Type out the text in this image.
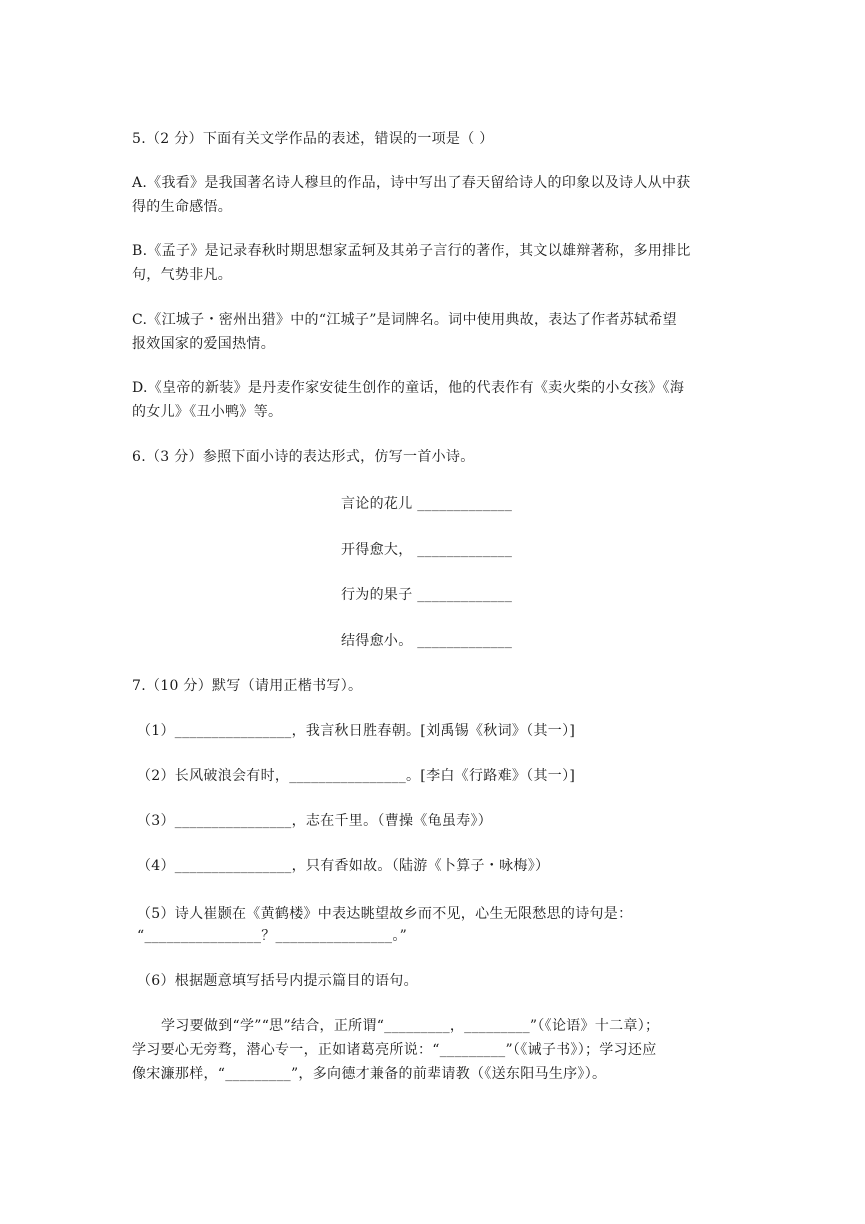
5.（2 分）下面有关文学作品的表述，错误的一项是（ ）
A.《我看》是我国著名诗人穆旦的作品，诗中写出了春天留给诗人的印象以及诗人从中获
得的生命感悟。
B.《孟子》是记录春秋时期思想家孟轲及其弟子言行的著作，其文以雄辩著称，多用排比
句，气势非凡。
C.《江城子・密州出猎》中的“江城子”是词牌名。词中使用典故，表达了作者苏轼希望
报效国家的爱国热情。
D.《皇帝的新装》是丹麦作家安徒生创作的童话，他的代表作有《卖火柴的小女孩》《海
的女儿》《丑小鸭》等。
6.（3 分）参照下面小诗的表达形式，仿写一首小诗。
言论的花儿 _____________
开得愈大， _____________
行为的果子 _____________
结得愈小。 _____________
7.（10 分）默写（请用正楷书写）。
（1）________________，我言秋日胜春朝。[刘禹锡《秋词》（其一）]
（2）长风破浪会有时，________________。[李白《行路难》（其一）]
（3）________________，志在千里。（曹操《龟虽寿》）
（4）________________，只有香如故。（陆游《卜算子・咏梅》）
（5）诗人崔颢在《黄鹤楼》中表达眺望故乡而不见，心生无限愁思的诗句是：
“________________？________________。”
（6）根据题意填写括号内提示篇目的语句。
学习要做到“学”“思”结合，正所谓“_________，_________”（《论语》十二章）；
学习要心无旁骛，潜心专一，正如诸葛亮所说：“_________”（《诫子书》）；学习还应
像宋濂那样，“_________”，多向德才兼备的前辈请教（《送东阳马生序》）。
